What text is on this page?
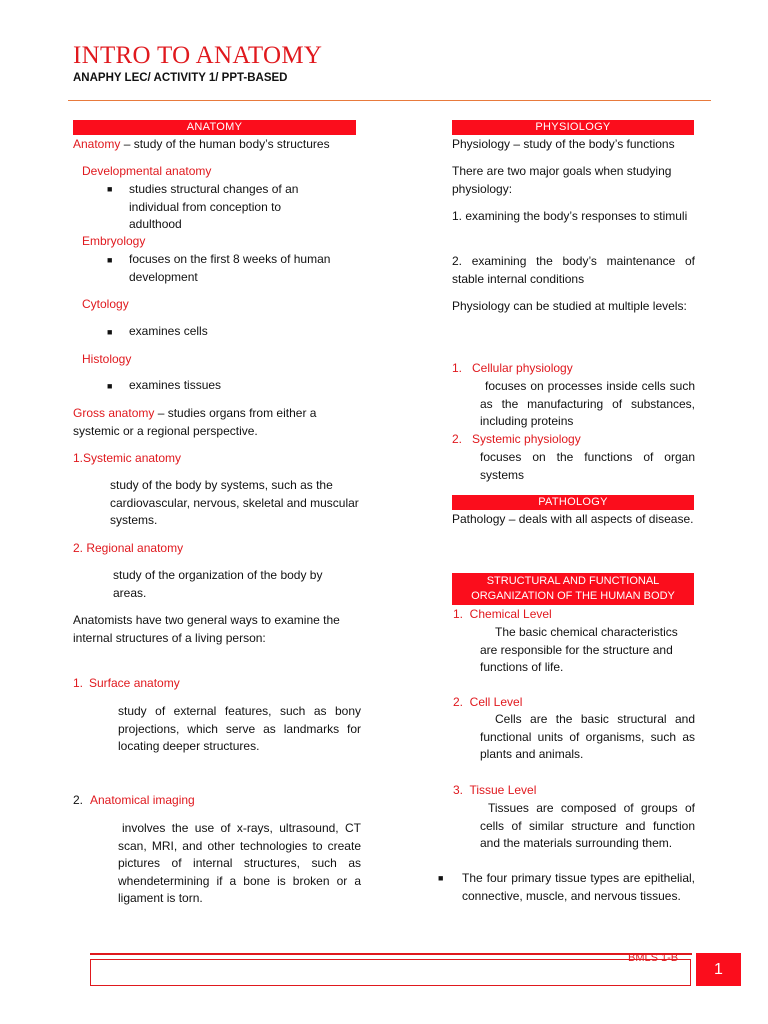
INTRO TO ANATOMY
ANAPHY LEC/ ACTIVITY 1/ PPT-BASED
ANATOMY
Anatomy – study of the human body’s structures
Developmental anatomy
■ studies structural changes of an individual from conception to adulthood
Embryology
■ focuses on the first 8 weeks of human development
Cytology
■ examines cells
Histology
■ examines tissues
Gross anatomy – studies organs from either a systemic or a regional perspective.
1.Systemic anatomy
study of the body by systems, such as the cardiovascular, nervous, skeletal and muscular systems.
2. Regional anatomy
study of the organization of the body by areas.
Anatomists have two general ways to examine the internal structures of a living person:
1. Surface anatomy
study of external features, such as bony projections, which serve as landmarks for locating deeper structures.
2. Anatomical imaging
involves the use of x-rays, ultrasound, CT scan, MRI, and other technologies to create pictures of internal structures, such as whendetermining if a bone is broken or a ligament is torn.
PHYSIOLOGY
Physiology – study of the body’s functions
There are two major goals when studying physiology:
1. examining the body’s responses to stimuli
2. examining the body’s maintenance of stable internal conditions
Physiology can be studied at multiple levels:
1.   Cellular physiology
focuses on processes inside cells such as the manufacturing of substances, including proteins
2.   Systemic physiology
focuses on the functions of organ systems
PATHOLOGY
Pathology – deals with all aspects of disease.
STRUCTURAL AND FUNCTIONAL ORGANIZATION OF THE HUMAN BODY
1.  Chemical Level
The basic chemical characteristics are responsible for the structure and functions of life.
2.  Cell Level
Cells are the basic structural and functional units of organisms, such as plants and animals.
3.  Tissue Level
Tissues are composed of groups of cells of similar structure and function and the materials surrounding them.
■ The four primary tissue types are epithelial, connective, muscle, and nervous tissues.
BMLS 1-B
1
